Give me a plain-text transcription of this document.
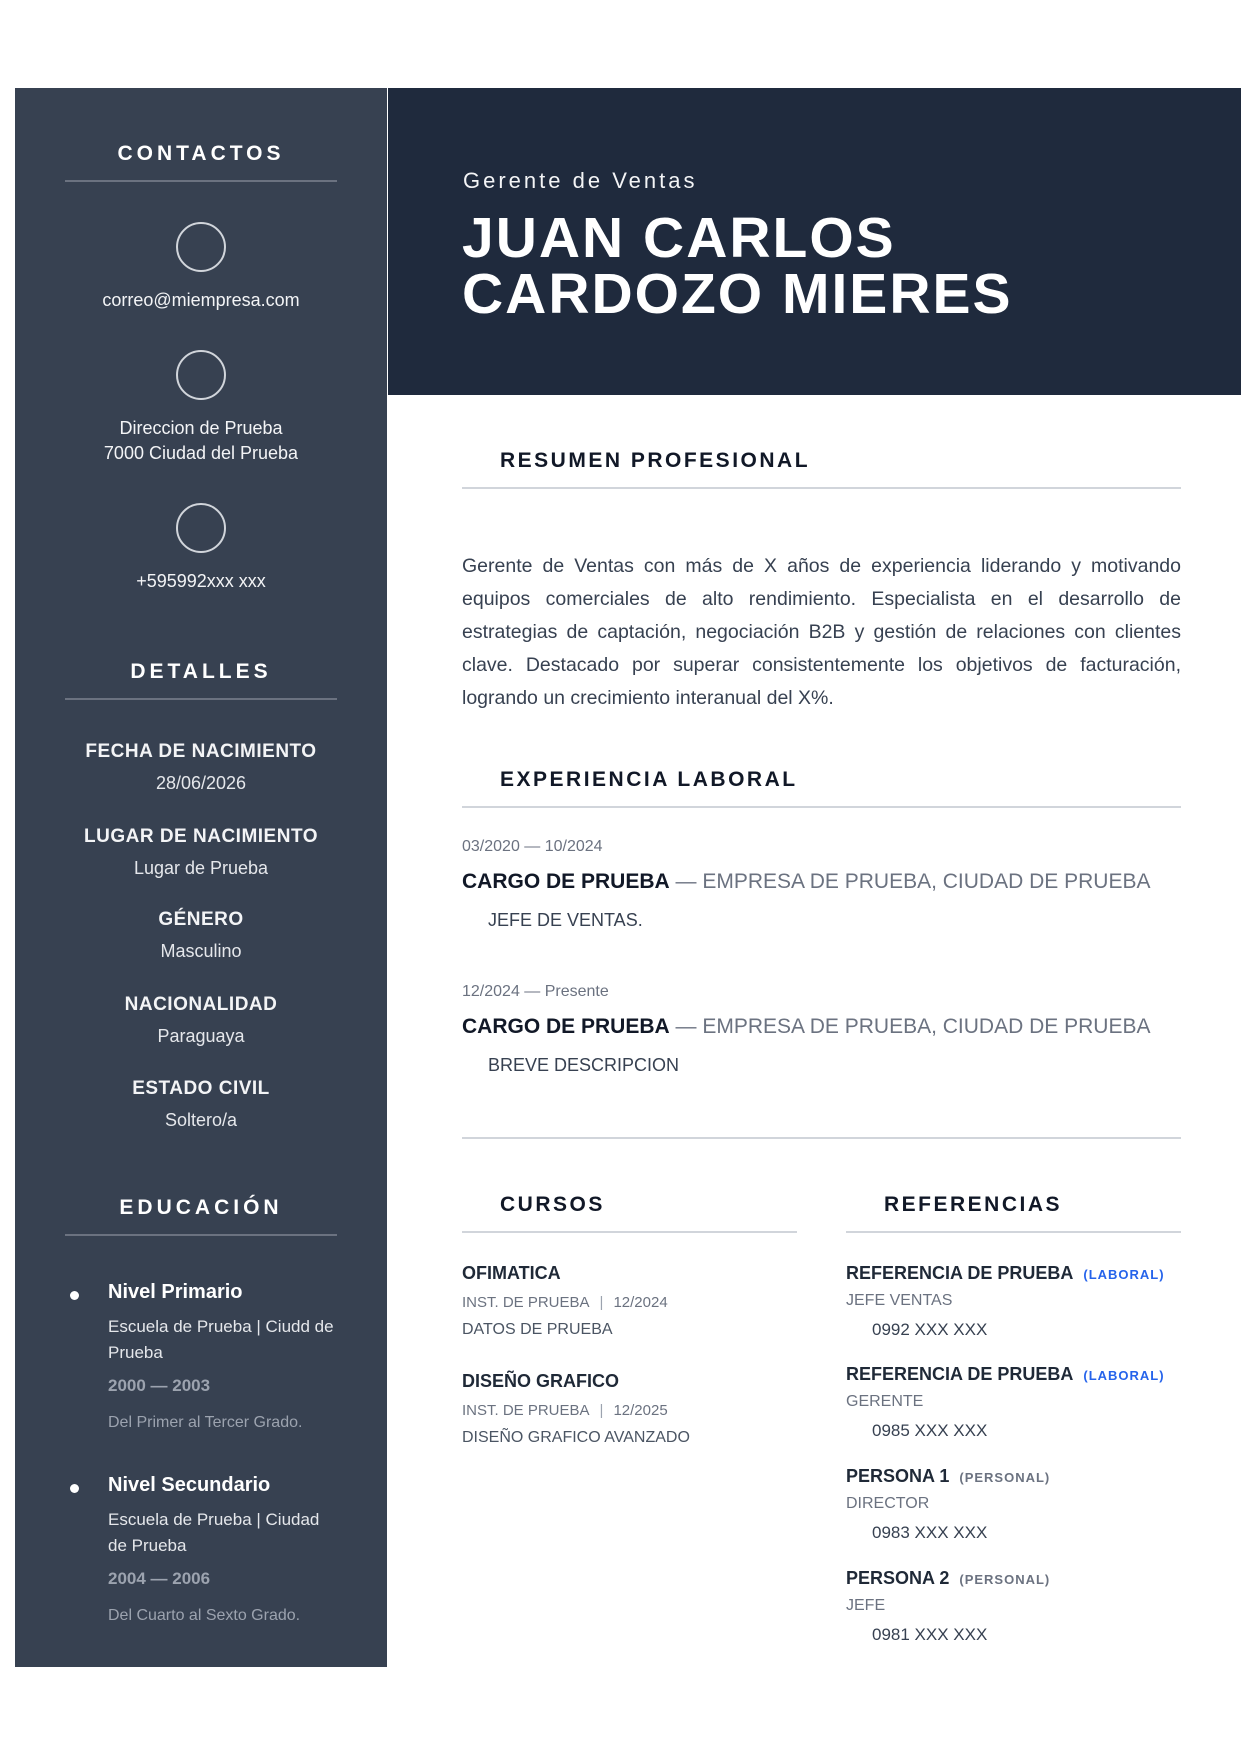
CONTACTOS
correo@miempresa.com
Direccion de Prueba
7000 Ciudad del Prueba
+595992xxx xxx
DETALLES
FECHA DE NACIMIENTO
28/06/2026
LUGAR DE NACIMIENTO
Lugar de Prueba
GÉNERO
Masculino
NACIONALIDAD
Paraguaya
ESTADO CIVIL
Soltero/a
EDUCACIÓN
Nivel Primario
Escuela de Prueba | Ciudd de
Prueba
2000 — 2003
Del Primer al Tercer Grado.
Nivel Secundario
Escuela de Prueba | Ciudad
de Prueba
2004 — 2006
Del Cuarto al Sexto Grado.
Gerente de Ventas
JUAN CARLOS
CARDOZO MIERES
RESUMEN PROFESIONAL
Gerente de Ventas con más de X años de experiencia liderando y motivando equipos comerciales de alto rendimiento. Especialista en el desarrollo de estrategias de captación, negociación B2B y gestión de relaciones con clientes clave. Destacado por superar consistentemente los objetivos de facturación, logrando un crecimiento interanual del X%.
EXPERIENCIA LABORAL
03/2020 — 10/2024
CARGO DE PRUEBA — EMPRESA DE PRUEBA, CIUDAD DE PRUEBA
JEFE DE VENTAS.
12/2024 — Presente
CARGO DE PRUEBA — EMPRESA DE PRUEBA, CIUDAD DE PRUEBA
BREVE DESCRIPCION
CURSOS	REFERENCIAS
OFIMATICA
INST. DE PRUEBA | 12/2024
DATOS DE PRUEBA
DISEÑO GRAFICO
INST. DE PRUEBA | 12/2025
DISEÑO GRAFICO AVANZADO
REFERENCIA DE PRUEBA (LABORAL)
JEFE VENTAS
0992 XXX XXX
REFERENCIA DE PRUEBA (LABORAL)
GERENTE
0985 XXX XXX
PERSONA 1 (PERSONAL)
DIRECTOR
0983 XXX XXX
PERSONA 2 (PERSONAL)
JEFE
0981 XXX XXX
